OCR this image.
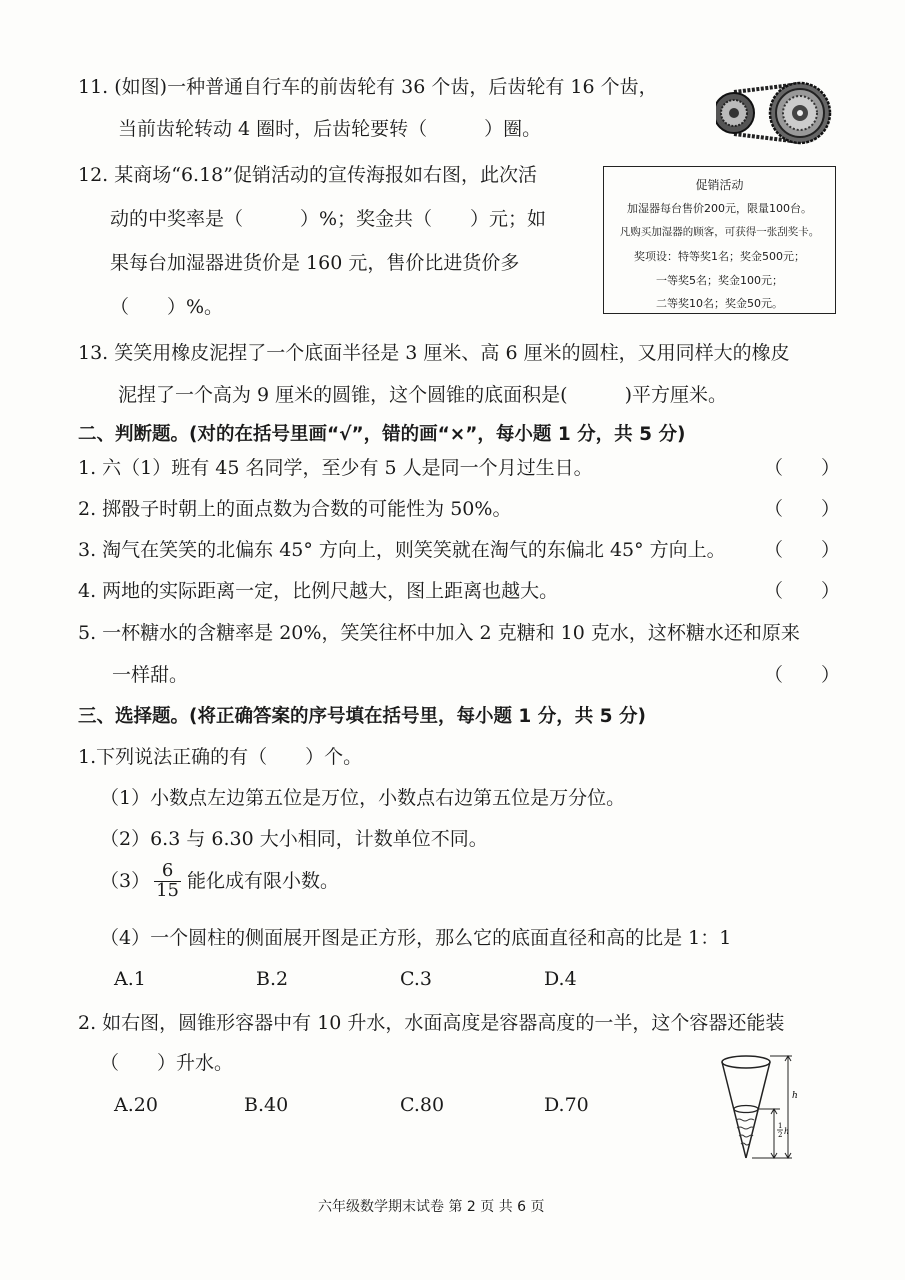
11. (如图)一种普通自行车的前齿轮有 36 个齿，后齿轮有 16 个齿，
当前齿轮转动 4 圈时，后齿轮要转（　　　）圈。
12. 某商场“6.18”促销活动的宣传海报如右图，此次活
动的中奖率是（　　　）%；奖金共（　　）元；如
果每台加湿器进货价是 160 元，售价比进货价多
（　　）%。
促销活动
加湿器每台售价200元，限量100台。
凡购买加湿器的顾客，可获得一张刮奖卡。
奖项设：特等奖1名；奖金500元；
一等奖5名；奖金100元；
二等奖10名；奖金50元。
13. 笑笑用橡皮泥捏了一个底面半径是 3 厘米、高 6 厘米的圆柱，又用同样大的橡皮
泥捏了一个高为 9 厘米的圆锥，这个圆锥的底面积是(　　　)平方厘米。
二、判断题。(对的在括号里画“√”，错的画“×”，每小题 1 分，共 5 分)
1. 六（1）班有 45 名同学，至少有 5 人是同一个月过生日。	（　　）
2. 掷骰子时朝上的面点数为合数的可能性为 50%。	（　　）
3. 淘气在笑笑的北偏东 45° 方向上，则笑笑就在淘气的东偏北 45° 方向上。 （　　）
4. 两地的实际距离一定，比例尺越大，图上距离也越大。	（　　）
5. 一杯糖水的含糖率是 20%，笑笑往杯中加入 2 克糖和 10 克水，这杯糖水还和原来
一样甜。	（　　）
三、选择题。(将正确答案的序号填在括号里，每小题 1 分，共 5 分)
1.下列说法正确的有（　　）个。
（1）小数点左边第五位是万位，小数点右边第五位是万分位。
（2）6.3 与 6.30 大小相同，计数单位不同。
$(3) \frac{6}{15}$ 能化成有限小数。
（4）一个圆柱的侧面展开图是正方形，那么它的底面直径和高的比是 1：1
A.1	B.2	C.3	D.4
2. 如右图，圆锥形容器中有 10 升水，水面高度是容器高度的一半，这个容器还能装
（　　）升水。
A.20	B.40	C.80	D.70	h
1
2 h
六年级数学期末试卷 第 2 页 共 6 页
